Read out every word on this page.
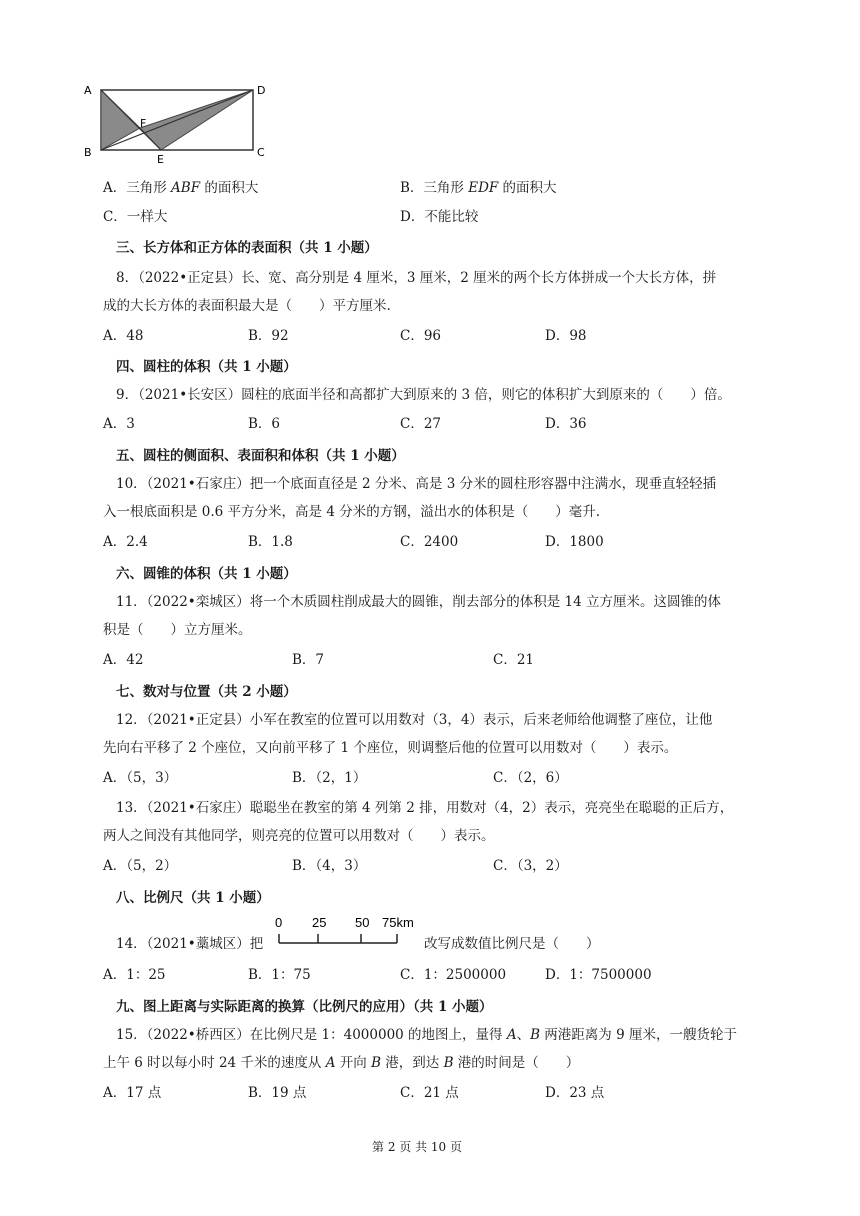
A	D
F
B
E
C
A．三角形 ABF 的面积大	B．三角形 EDF 的面积大
C．一样大	D．不能比较
三、长方体和正方体的表面积（共 1 小题）
8．（2022•正定县）长、宽、高分别是 4 厘米，3 厘米，2 厘米的两个长方体拼成一个大长方体，拼
成的大长方体的表面积最大是（　　）平方厘米.
A．48	B．92	C．96	D．98
四、圆柱的体积（共 1 小题）
9．（2021•长安区）圆柱的底面半径和高都扩大到原来的 3 倍，则它的体积扩大到原来的（　　）倍。
A．3	B．6	C．27	D．36
五、圆柱的侧面积、表面积和体积（共 1 小题）
10．（2021•石家庄）把一个底面直径是 2 分米、高是 3 分米的圆柱形容器中注满水，现垂直轻轻插
入一根底面积是 0.6 平方分米，高是 4 分米的方钢，溢出水的体积是（　　）毫升.
A．2.4	B．1.8	C．2400	D．1800
六、圆锥的体积（共 1 小题）
11．（2022•栾城区）将一个木质圆柱削成最大的圆锥，削去部分的体积是 14 立方厘米。这圆锥的体
积是（　　）立方厘米。
A．42	B．7	C．21
七、数对与位置（共 2 小题）
12．（2021•正定县）小军在教室的位置可以用数对（3，4）表示，后来老师给他调整了座位，让他
先向右平移了 2 个座位，又向前平移了 1 个座位，则调整后他的位置可以用数对（　　）表示。
A．（5，3）	B．（2，1）	C．（2，6）
13．（2021•石家庄）聪聪坐在教室的第 4 列第 2 排，用数对（4，2）表示，亮亮坐在聪聪的正后方，
两人之间没有其他同学，则亮亮的位置可以用数对（　　）表示。
A．（5，2）	B．（4，3）	C．（3，2）
八、比例尺（共 1 小题）
14．（2021•藁城区）把
0 25 50 75km
改写成数值比例尺是（　　）
A．1：25	B．1：75	C．1：2500000	D．1：7500000
九、图上距离与实际距离的换算（比例尺的应用）（共 1 小题）
15．（2022•桥西区）在比例尺是 1：4000000 的地图上，量得 A、B 两港距离为 9 厘米，一艘货轮于
上午 6 时以每小时 24 千米的速度从 A 开向 B 港，到达 B 港的时间是（　　）
A．17 点	B．19 点	C．21 点	D．23 点
第 2 页 共 10 页
